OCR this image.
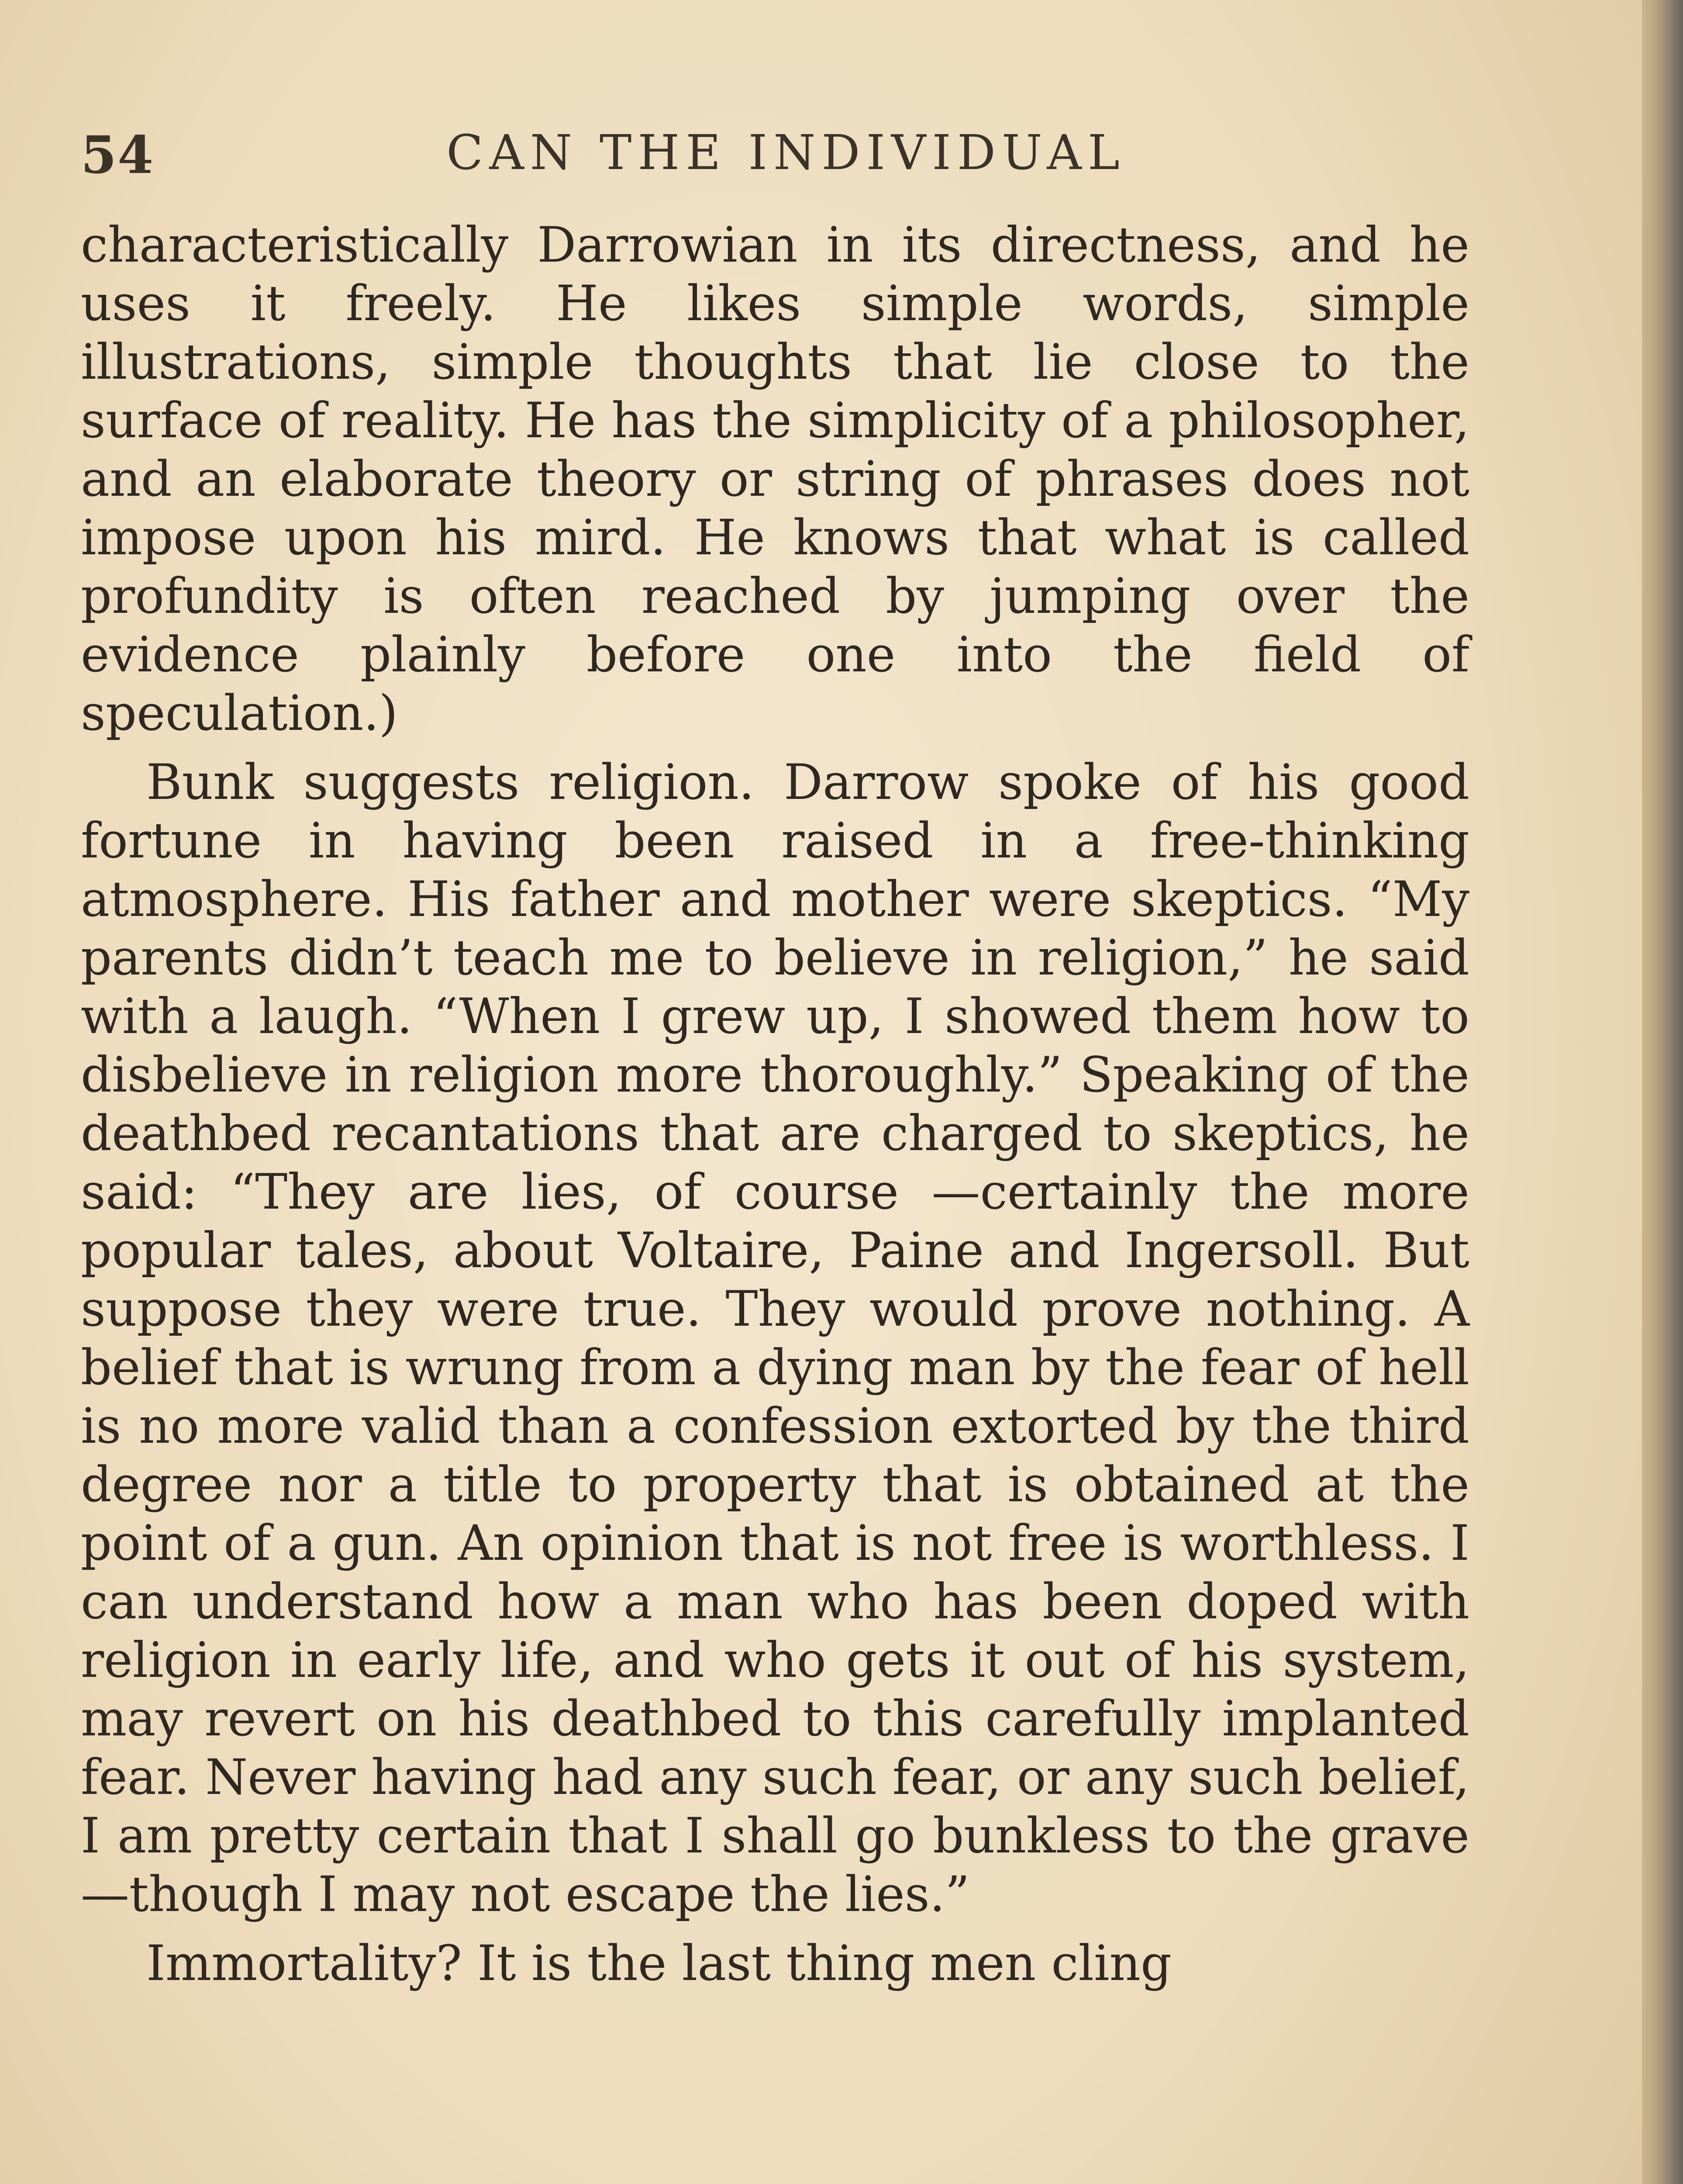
54	CAN THE INDIVIDUAL

characteristically Darrowian in its directness, and he uses it freely. He likes simple words, simple illustrations, simple thoughts that lie close to the surface of reality. He has the simplicity of a philosopher, and an elaborate theory or string of phrases does not impose upon his mird. He knows that what is called profundity is often reached by jumping over the evidence plainly before one into the field of speculation.)

Bunk suggests religion. Darrow spoke of his good fortune in having been raised in a free-thinking atmosphere. His father and mother were skeptics. “My parents didn’t teach me to believe in religion,” he said with a laugh. “When I grew up, I showed them how to disbelieve in religion more thoroughly.” Speaking of the deathbed recantations that are charged to skeptics, he said: “They are lies, of course —certainly the more popular tales, about Voltaire, Paine and Ingersoll. But suppose they were true. They would prove nothing. A belief that is wrung from a dying man by the fear of hell is no more valid than a confession extorted by the third degree nor a title to property that is obtained at the point of a gun. An opinion that is not free is worthless. I can understand how a man who has been doped with religion in early life, and who gets it out of his system, may revert on his deathbed to this carefully implanted fear. Never having had any such fear, or any such belief, I am pretty certain that I shall go bunkless to the grave—though I may not escape the lies.”

Immortality? It is the last thing men cling
